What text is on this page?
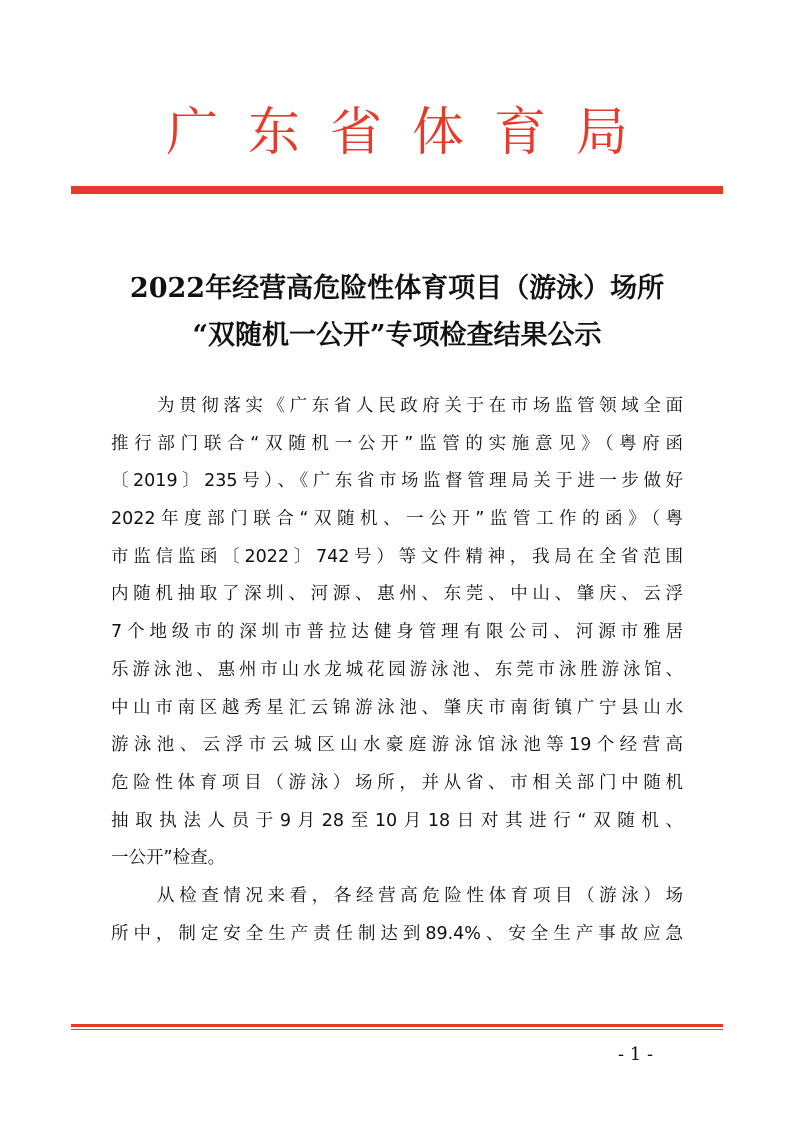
广东省体育局
2022年经营高危险性体育项目（游泳）场所
“双随机一公开”专项检查结果公示
为贯彻落实《广东省人民政府关于在市场监管领域全面
推行部门联合“双随机一公开”监管的实施意见》（粤府函
〔2019〕235号）、《广东省市场监督管理局关于进一步做好
2022年度部门联合“双随机、一公开”监管工作的函》（粤
市监信监函〔2022〕742号）等文件精神，我局在全省范围
内随机抽取了深圳、河源、惠州、东莞、中山、肇庆、云浮
7个地级市的深圳市普拉达健身管理有限公司、河源市雅居
乐游泳池、惠州市山水龙城花园游泳池、东莞市泳胜游泳馆、
中山市南区越秀星汇云锦游泳池、肇庆市南街镇广宁县山水
游泳池、云浮市云城区山水豪庭游泳馆泳池等19个经营高
危险性体育项目（游泳）场所，并从省、市相关部门中随机
抽取执法人员于9月28至10月18日对其进行“双随机、
一公开”检查。
从检查情况来看，各经营高危险性体育项目（游泳）场
所中，制定安全生产责任制达到89.4%、安全生产事故应急
- 1 -
